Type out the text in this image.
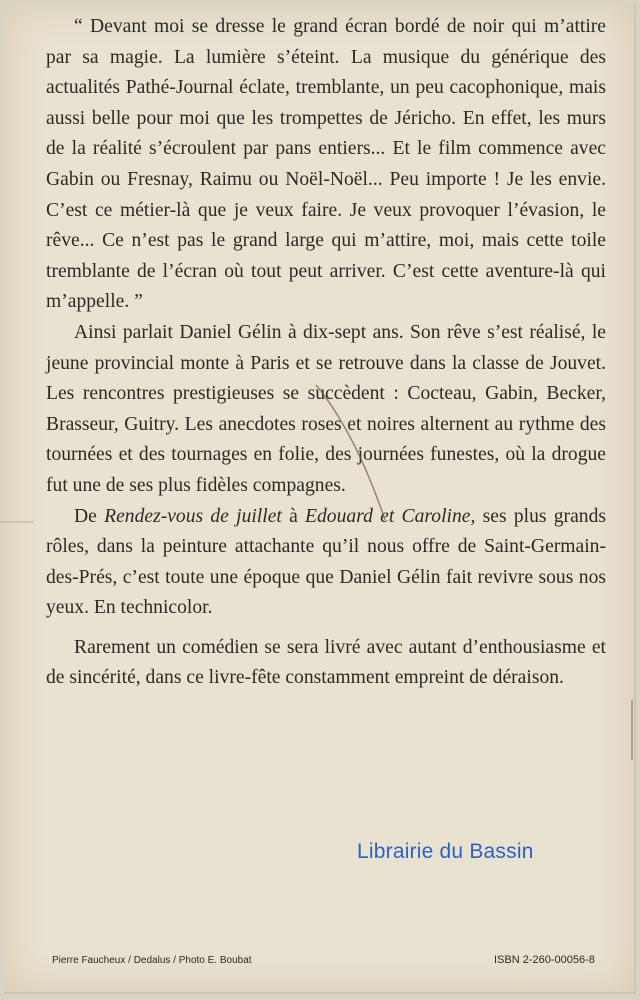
“ Devant moi se dresse le grand écran bordé de noir qui m’attire par sa magie. La lumière s’éteint. La musique du générique des actualités Pathé-Journal éclate, tremblante, un peu cacophonique, mais aussi belle pour moi que les trompettes de Jéricho. En effet, les murs de la réalité s’écroulent par pans entiers... Et le film commence avec Gabin ou Fresnay, Raimu ou Noël-Noël... Peu importe ! Je les envie. C’est ce métier-là que je veux faire. Je veux provoquer l’évasion, le rêve... Ce n’est pas le grand large qui m’attire, moi, mais cette toile tremblante de l’écran où tout peut arriver. C’est cette aventure-là qui m’appelle. ”

Ainsi parlait Daniel Gélin à dix-sept ans. Son rêve s’est réalisé, le jeune provincial monte à Paris et se retrouve dans la classe de Jouvet. Les rencontres prestigieuses se succèdent : Cocteau, Gabin, Becker, Brasseur, Guitry. Les anecdotes roses et noires alternent au rythme des tournées et des tournages en folie, des journées funestes, où la drogue fut une de ses plus fidèles compagnes.

De Rendez-vous de juillet à Edouard et Caroline, ses plus grands rôles, dans la peinture attachante qu’il nous offre de Saint-Germain-des-Prés, c’est toute une époque que Daniel Gélin fait revivre sous nos yeux. En technicolor.

Rarement un comédien se sera livré avec autant d’enthousiasme et de sincérité, dans ce livre-fête constamment empreint de déraison.

Librairie du Bassin
Pierre Faucheux / Dedalus / Photo E. Boubat	ISBN 2-260-00056-8
